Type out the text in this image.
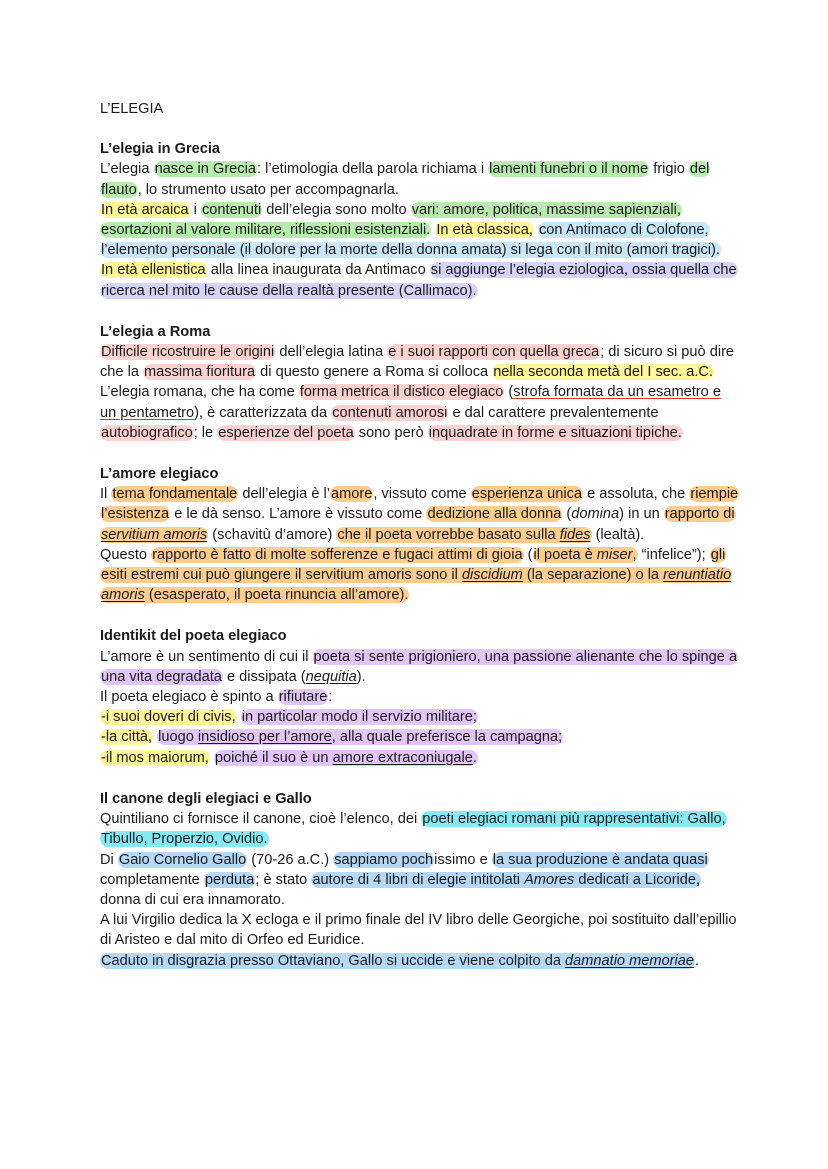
L’ELEGIA
L’elegia in Grecia

L’elegia nasce in Grecia: l’etimologia della parola richiama i lamenti funebri o il nome frigio del flauto, lo strumento usato per accompagnarla.

In età arcaica i contenuti dell’elegia sono molto vari: amore, politica, massime sapienziali, esortazioni al valore militare, riflessioni esistenziali. In età classica, con Antimaco di Colofone, l’elemento personale (il dolore per la morte della donna amata) si lega con il mito (amori tragici).

In età ellenistica alla linea inaugurata da Antimaco si aggiunge l’elegia eziologica, ossia quella che ricerca nel mito le cause della realtà presente (Callimaco).

L’elegia a Roma

Difficile ricostruire le origini dell’elegia latina e i suoi rapporti con quella greca; di sicuro si può dire che la massima fioritura di questo genere a Roma si colloca nella seconda metà del I sec. a.C. L’elegia romana, che ha come forma metrica il distico elegiaco (strofa formata da un esametro e un pentametro), è caratterizzata da contenuti amorosi e dal carattere prevalentemente autobiografico; le esperienze del poeta sono però inquadrate in forme e situazioni tipiche.

L’amore elegiaco

Il tema fondamentale dell’elegia è l’amore, vissuto come esperienza unica e assoluta, che riempie l’esistenza e le dà senso. L’amore è vissuto come dedizione alla donna (domina) in un rapporto di servitium amoris (schavitù d’amore) che il poeta vorrebbe basato sulla fides (lealtà).

Questo rapporto è fatto di molte sofferenze e fugaci attimi di gioia (il poeta è miser, “infelice”); gli esiti estremi cui può giungere il servitium amoris sono il discidium (la separazione) o la renuntiatio amoris (esasperato, il poeta rinuncia all’amore).

Identikit del poeta elegiaco

L’amore è un sentimento di cui il poeta si sente prigioniero, una passione alienante che lo spinge a una vita degradata e dissipata (nequitia).

Il poeta elegiaco è spinto a rifiutare:

-i suoi doveri di civis, in particolar modo il servizio militare;

-la città, luogo insidioso per l’amore, alla quale preferisce la campagna;

-il mos maiorum, poiché il suo è un amore extraconiugale.

Il canone degli elegiaci e Gallo

Quintiliano ci fornisce il canone, cioè l’elenco, dei poeti elegiaci romani più rappresentativi: Gallo, Tibullo, Properzio, Ovidio.

Di Gaio Cornelio Gallo (70-26 a.C.) sappiamo pochissimo e la sua produzione è andata quasi completamente perduta; è stato autore di 4 libri di elegie intitolati Amores dedicati a Licoride, donna di cui era innamorato.

A lui Virgilio dedica la X ecloga e il primo finale del IV libro delle Georgiche, poi sostituito dall’epillio di Aristeo e dal mito di Orfeo ed Euridice.

Caduto in disgrazia presso Ottaviano, Gallo si uccide e viene colpito da damnatio memoriae.
